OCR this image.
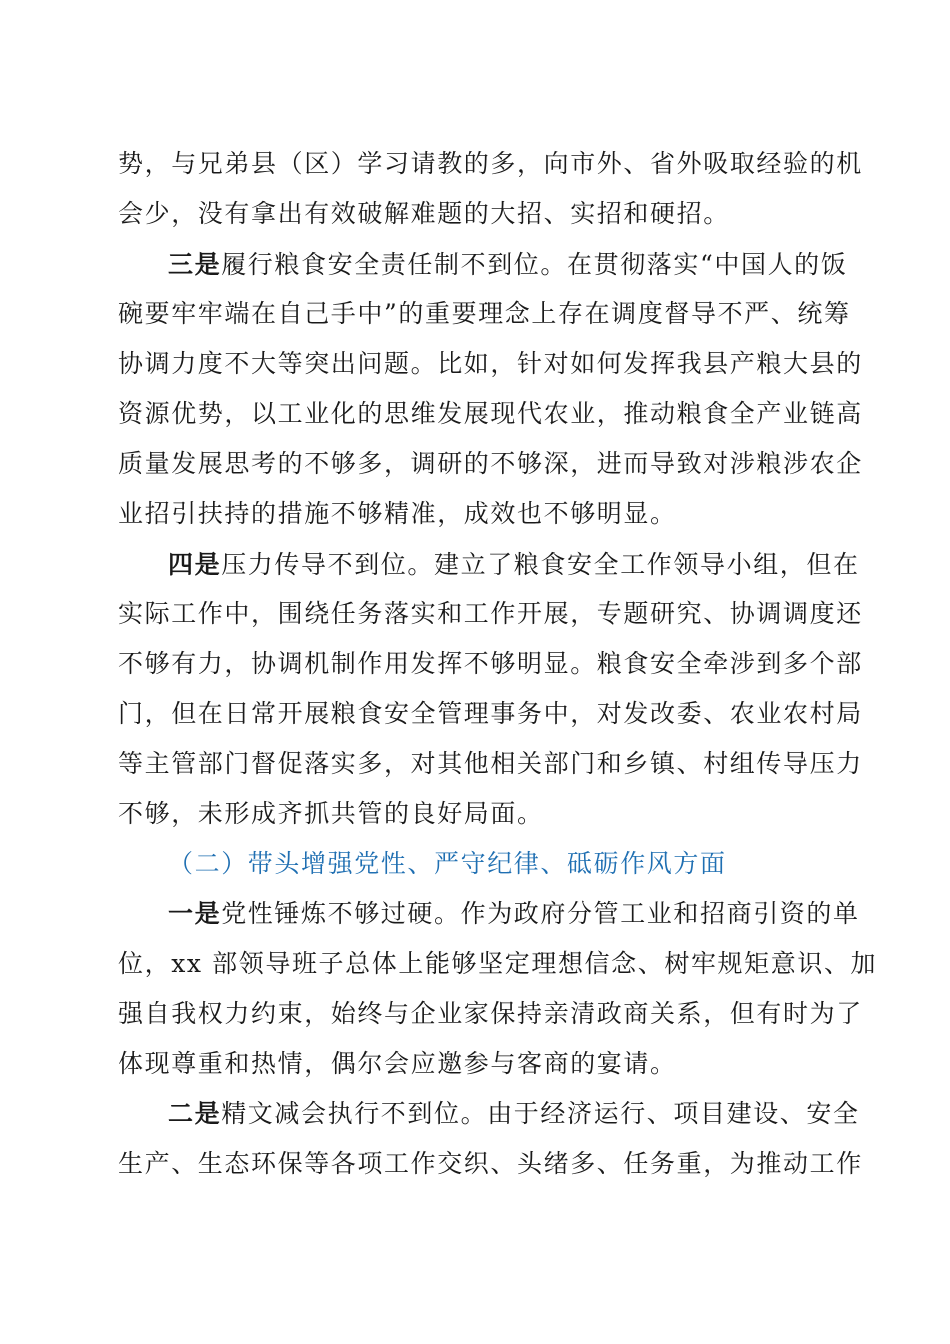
势，与兄弟县（区）学习请教的多，向市外、省外吸取经验的机
会少，没有拿出有效破解难题的大招、实招和硬招。
三是履行粮食安全责任制不到位。在贯彻落实“中国人的饭
碗要牢牢端在自己手中”的重要理念上存在调度督导不严、统筹
协调力度不大等突出问题。比如，针对如何发挥我县产粮大县的
资源优势，以工业化的思维发展现代农业，推动粮食全产业链高
质量发展思考的不够多，调研的不够深，进而导致对涉粮涉农企
业招引扶持的措施不够精准，成效也不够明显。
四是压力传导不到位。建立了粮食安全工作领导小组，但在
实际工作中，围绕任务落实和工作开展，专题研究、协调调度还
不够有力，协调机制作用发挥不够明显。粮食安全牵涉到多个部
门，但在日常开展粮食安全管理事务中，对发改委、农业农村局
等主管部门督促落实多，对其他相关部门和乡镇、村组传导压力
不够，未形成齐抓共管的良好局面。
（二）带头增强党性、严守纪律、砥砺作风方面
一是党性锤炼不够过硬。作为政府分管工业和招商引资的单
位，xx 部领导班子总体上能够坚定理想信念、树牢规矩意识、加
强自我权力约束，始终与企业家保持亲清政商关系，但有时为了
体现尊重和热情，偶尔会应邀参与客商的宴请。
二是精文减会执行不到位。由于经济运行、项目建设、安全
生产、生态环保等各项工作交织、头绪多、任务重，为推动工作
